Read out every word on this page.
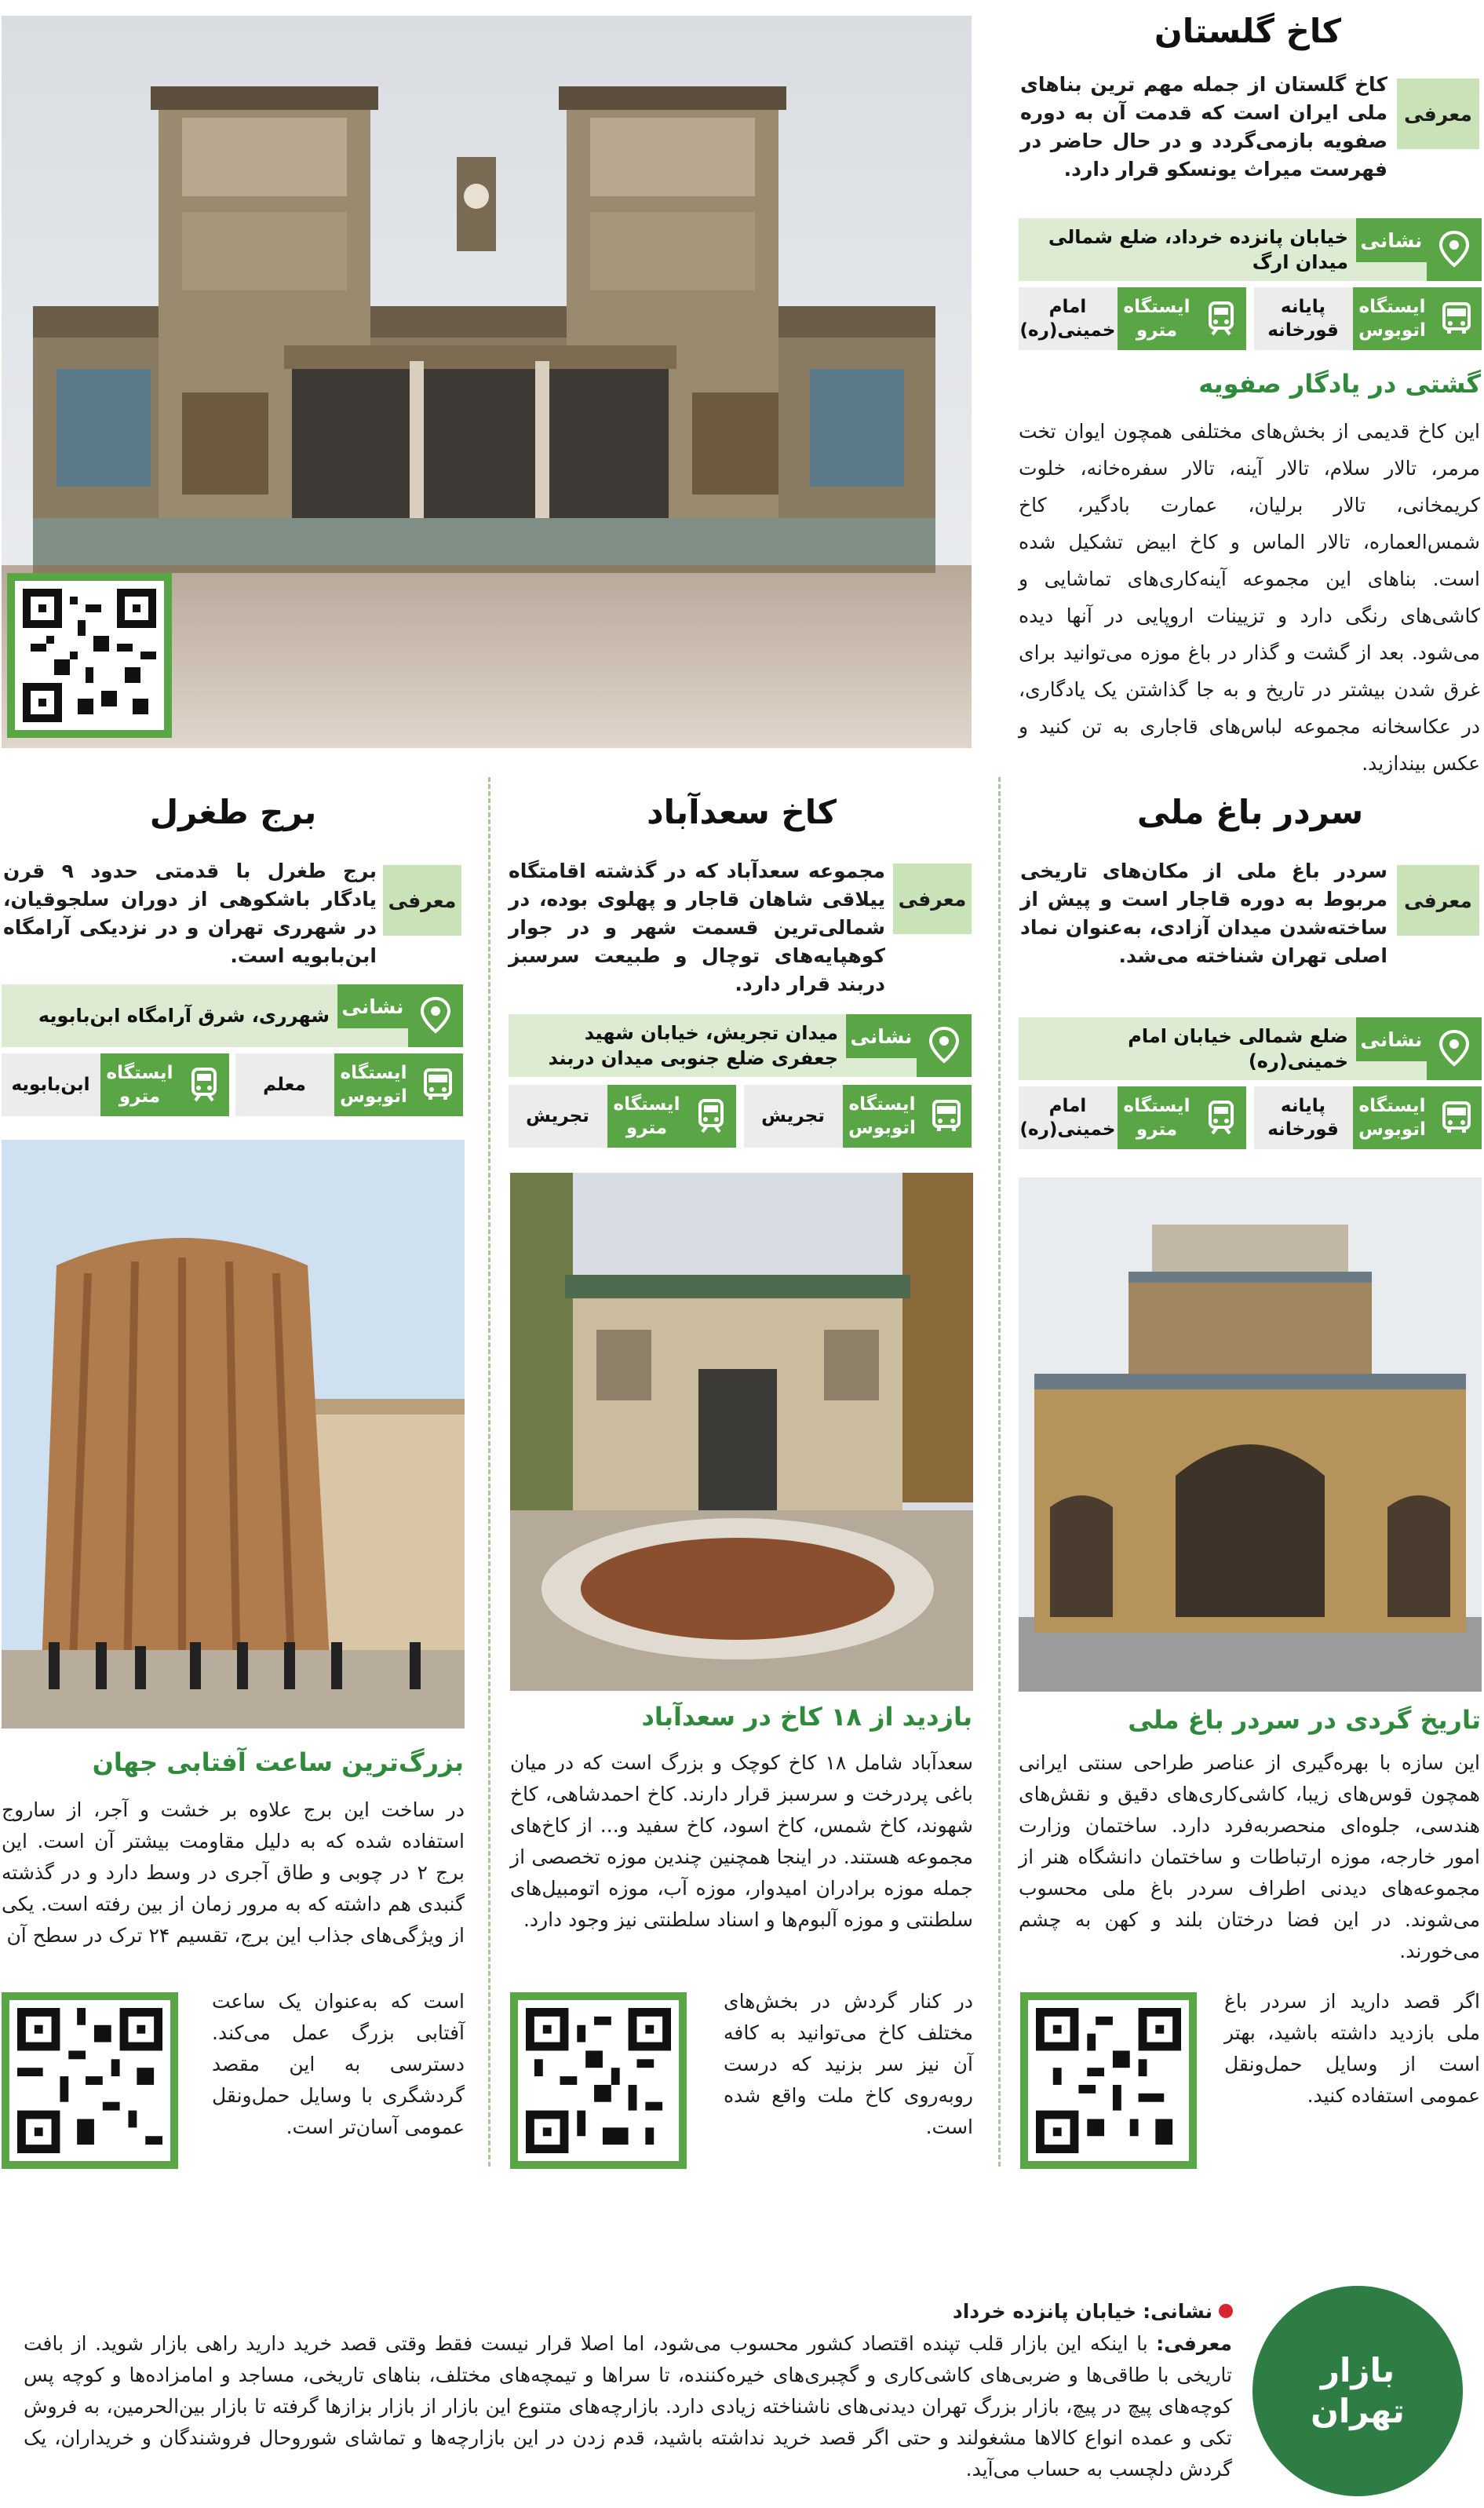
کاخ گلستان
معرفی
کاخ گلستان از جمله مهم ترین بناهای ملی ایران است که قدمت آن به دوره صفویه بازمی‌گردد و در حال حاضر در فهرست میراث یونسکو قرار دارد.
نشانی
خیابان پانزده خرداد، ضلع شمالی میدان ارگ
ایستگاه اتوبوس
پایانه قورخانه
ایستگاه مترو
امام خمینی(ره)
گشتی در یادگار صفویه
این کاخ قدیمی از بخش‌های مختلفی همچون ایوان تخت مرمر، تالار سلام، تالار آینه، تالار سفره‌خانه، خلوت کریمخانی، تالار برلیان، عمارت بادگیر، کاخ شمس‌العماره، تالار الماس و کاخ ابیض تشکیل شده است. بناهای این مجموعه آینه‌کاری‌های تماشایی و کاشی‌های رنگی دارد و تزیینات اروپایی در آنها دیده می‌شود. بعد از گشت و گذار در باغ موزه می‌توانید برای غرق شدن بیشتر در تاریخ و به جا گذاشتن یک یادگاری، در عکاسخانه مجموعه لباس‌های قاجاری به تن کنید و عکس بیندازید.
سردر باغ ملی
معرفی
سردر باغ ملی از مکان‌های تاریخی مربوط به دوره قاجار است و پیش از ساخته‌شدن میدان آزادی، به‌عنوان نماد اصلی تهران شناخته می‌شد.
نشانی
ضلع شمالی خیابان امام خمینی(ره)
ایستگاه اتوبوس
پایانه قورخانه
ایستگاه مترو
امام خمینی(ره)
تاریخ گردی در سردر باغ ملی
این سازه با بهره‌گیری از عناصر طراحی سنتی ایرانی همچون قوس‌های زیبا، کاشی‌کاری‌های دقیق و نقش‌های هندسی، جلوه‌ای منحصربه‌فرد دارد. ساختمان وزارت امور خارجه، موزه ارتباطات و ساختمان دانشگاه هنر از مجموعه‌های دیدنی اطراف سردر باغ ملی محسوب می‌شوند. در این فضا درختان بلند و کهن به چشم می‌خورند.
اگر قصد دارید از سردر باغ ملی بازدید داشته باشید، بهتر است از وسایل حمل‌ونقل عمومی استفاده کنید.
کاخ سعدآباد
معرفی
مجموعه سعدآباد که در گذشته اقامتگاه ییلاقی شاهان قاجار و پهلوی بوده، در شمالی‌ترین قسمت شهر و در جوار کوهپایه‌های توچال و طبیعت سرسبز دربند قرار دارد.
نشانی
میدان تجریش، خیابان شهید جعفری ضلع جنوبی میدان دربند
ایستگاه اتوبوس
تجریش
ایستگاه مترو
تجریش
بازدید از ۱۸ کاخ در سعدآباد
سعدآباد شامل ۱۸ کاخ کوچک و بزرگ است که در میان باغی پردرخت و سرسبز قرار دارند. کاخ احمدشاهی، کاخ شهوند، کاخ شمس، کاخ اسود، کاخ سفید و... از کاخ‌های مجموعه هستند. در اینجا همچنین چندین موزه تخصصی از جمله موزه برادران امیدوار، موزه آب، موزه اتومبیل‌های سلطنتی و موزه آلبوم‌ها و اسناد سلطنتی نیز وجود دارد.
در کنار گردش در بخش‌های مختلف کاخ می‌توانید به کافه آن نیز سر بزنید که درست روبه‌روی کاخ ملت واقع شده است.
برج طغرل
معرفی
برج طغرل با قدمتی حدود ۹ قرن یادگار باشکوهی از دوران سلجوقیان، در شهرری تهران و در نزدیکی آرامگاه ابن‌بابویه است.
نشانی
شهرری، شرق آرامگاه ابن‌بابویه
ایستگاه اتوبوس
معلم
ایستگاه مترو
ابن‌بابویه
بزرگ‌ترین ساعت آفتابی جهان
در ساخت این برج علاوه بر خشت و آجر، از ساروج استفاده شده که به دلیل مقاومت بیشتر آن است. این برج ۲ در چوبی و طاق آجری در وسط دارد و در گذشته گنبدی هم داشته که به مرور زمان از بین رفته است. یکی از ویژگی‌های جذاب این برج، تقسیم ۲۴ ترک در سطح آن
است که به‌عنوان یک ساعت آفتابی بزرگ عمل می‌کند. دسترسی به این مقصد گردشگری با وسایل حمل‌ونقل عمومی آسان‌تر است.
بازار
تهران
نشانی:
خیابان پانزده خرداد
معرفی: با اینکه این بازار قلب تپنده اقتصاد کشور محسوب می‌شود، اما اصلا قرار نیست فقط وقتی قصد خرید دارید راهی بازار شوید. از بافت تاریخی با طاقی‌ها و ضربی‌های کاشی‌کاری و گچبری‌های خیره‌کننده، تا سراها و تیمچه‌های مختلف، بناهای تاریخی، مساجد و امامزاده‌ها و کوچه پس کوچه‌های پیچ در پیچ، بازار بزرگ تهران دیدنی‌های ناشناخته زیادی دارد. بازارچه‌های متنوع این بازار از بازار بزازها گرفته تا بازار بین‌الحرمین، به فروش تکی و عمده انواع کالاها مشغولند و حتی اگر قصد خرید نداشته باشید، قدم زدن در این بازارچه‌ها و تماشای شوروحال فروشندگان و خریداران، یک گردش دلچسب به حساب می‌آید.
